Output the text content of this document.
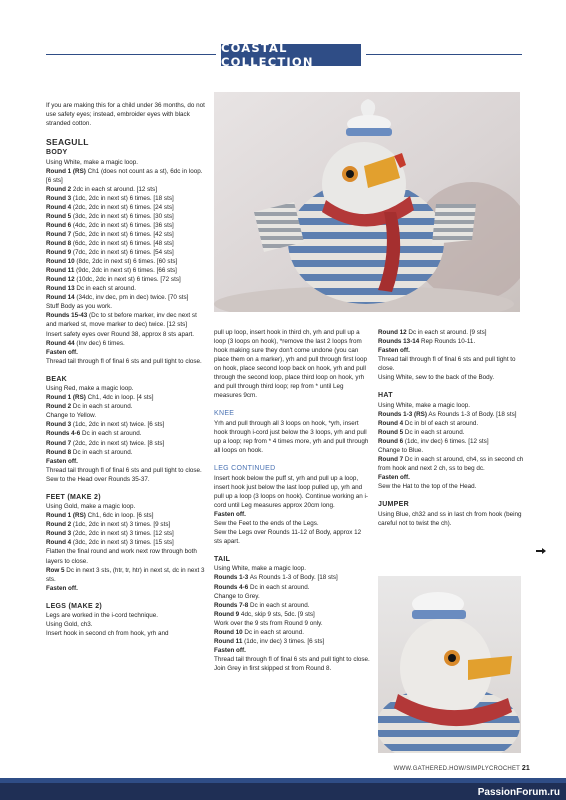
COASTAL COLLECTION

If you are making this for a child under 36 months, do not use safety eyes; instead, embroider eyes with black stranded cotton.

SEAGULL

BODY

Using White, make a magic loop.

Round 1 (RS) Ch1 (does not count as a st), 6dc in loop. [6 sts]

Round 2 2dc in each st around. [12 sts]

Round 3 (1dc, 2dc in next st) 6 times. [18 sts]

Round 4 (2dc, 2dc in next st) 6 times. [24 sts]

Round 5 (3dc, 2dc in next st) 6 times. [30 sts]

Round 6 (4dc, 2dc in next st) 6 times. [36 sts]

Round 7 (5dc, 2dc in next st) 6 times. [42 sts]

Round 8 (6dc, 2dc in next st) 6 times. [48 sts]

Round 9 (7dc, 2dc in next st) 6 times. [54 sts]

Round 10 (8dc, 2dc in next st) 6 times. [60 sts]

Round 11 (9dc, 2dc in next st) 6 times. [66 sts]

Round 12 (10dc, 2dc in next st) 6 times. [72 sts]

Round 13 Dc in each st around.

Round 14 (34dc, inv dec, pm in dec) twice. [70 sts]

Stuff Body as you work.

Rounds 15-43 (Dc to st before marker, inv dec next st and marked st, move marker to dec) twice. [12 sts]

Insert safety eyes over Round 38, approx 8 sts apart.

Round 44 (Inv dec) 6 times.

Fasten off.

Thread tail through fl of final 6 sts and pull tight to close.

BEAK

Using Red, make a magic loop.

Round 1 (RS) Ch1, 4dc in loop. [4 sts]

Round 2 Dc in each st around.

Change to Yellow.

Round 3 (1dc, 2dc in next st) twice. [6 sts]

Rounds 4-6 Dc in each st around.

Round 7 (2dc, 2dc in next st) twice. [8 sts]

Round 8 Dc in each st around.

Fasten off.

Thread tail through fl of final 6 sts and pull tight to close.

Sew to the Head over Rounds 35-37.

FEET (MAKE 2)

Using Gold, make a magic loop.

Round 1 (RS) Ch1, 6dc in loop. [6 sts]

Round 2 (1dc, 2dc in next st) 3 times. [9 sts]

Round 3 (2dc, 2dc in next st) 3 times. [12 sts]

Round 4 (3dc, 2dc in next st) 3 times. [15 sts]

Flatten the final round and work next row through both layers to close.

Row 5 Dc in next 3 sts, (htr, tr, htr) in next st, dc in next 3 sts.

Fasten off.

LEGS (MAKE 2)

Legs are worked in the i-cord technique.

Using Gold, ch3.

Insert hook in second ch from hook, yrh and

pull up loop, insert hook in third ch, yrh and pull up a loop (3 loops on hook), *remove the last 2 loops from hook making sure they don't come undone (you can place them on a marker), yrh and pull through first loop on hook, place second loop back on hook, yrh and pull through the second loop, place third loop on hook, yrh and pull through third loop; rep from * until Leg measures 9cm.

KNEE

Yrh and pull through all 3 loops on hook, *yrh, insert hook through i-cord just below the 3 loops, yrh and pull up a loop; rep from * 4 times more, yrh and pull through all loops on hook.

LEG CONTINUED

Insert hook below the puff st, yrh and pull up a loop, insert hook just below the last loop pulled up, yrh and pull up a loop (3 loops on hook). Continue working an i-cord until Leg measures approx 20cm long.

Fasten off.

Sew the Feet to the ends of the Legs.

Sew the Legs over Rounds 11-12 of Body, approx 12 sts apart.

TAIL

Using White, make a magic loop.

Rounds 1-3 As Rounds 1-3 of Body. [18 sts]

Rounds 4-6 Dc in each st around.

Change to Grey.

Rounds 7-8 Dc in each st around.

Round 9 4dc, skip 9 sts, 5dc. [9 sts]

Work over the 9 sts from Round 9 only.

Round 10 Dc in each st around.

Round 11 (1dc, inv dec) 3 times. [6 sts]

Fasten off.

Thread tail through fl of final 6 sts and pull tight to close.

Join Grey in first skipped st from Round 8.

Round 12 Dc in each st around. [9 sts]

Rounds 13-14 Rep Rounds 10-11.

Fasten off.

Thread tail through fl of final 6 sts and pull tight to close.

Using White, sew to the back of the Body.

HAT

Using White, make a magic loop.

Rounds 1-3 (RS) As Rounds 1-3 of Body. [18 sts]

Round 4 Dc in bl of each st around.

Round 5 Dc in each st around.

Round 6 (1dc, inv dec) 6 times. [12 sts]

Change to Blue.

Round 7 Dc in each st around, ch4, ss in second ch from hook and next 2 ch, ss to beg dc.

Fasten off.

Sew the Hat to the top of the Head.

JUMPER

Using Blue, ch32 and ss in last ch from hook (being careful not to twist the ch).

WWW.GATHERED.HOW/SIMPLYCROCHET 21
PassionForum.ru
